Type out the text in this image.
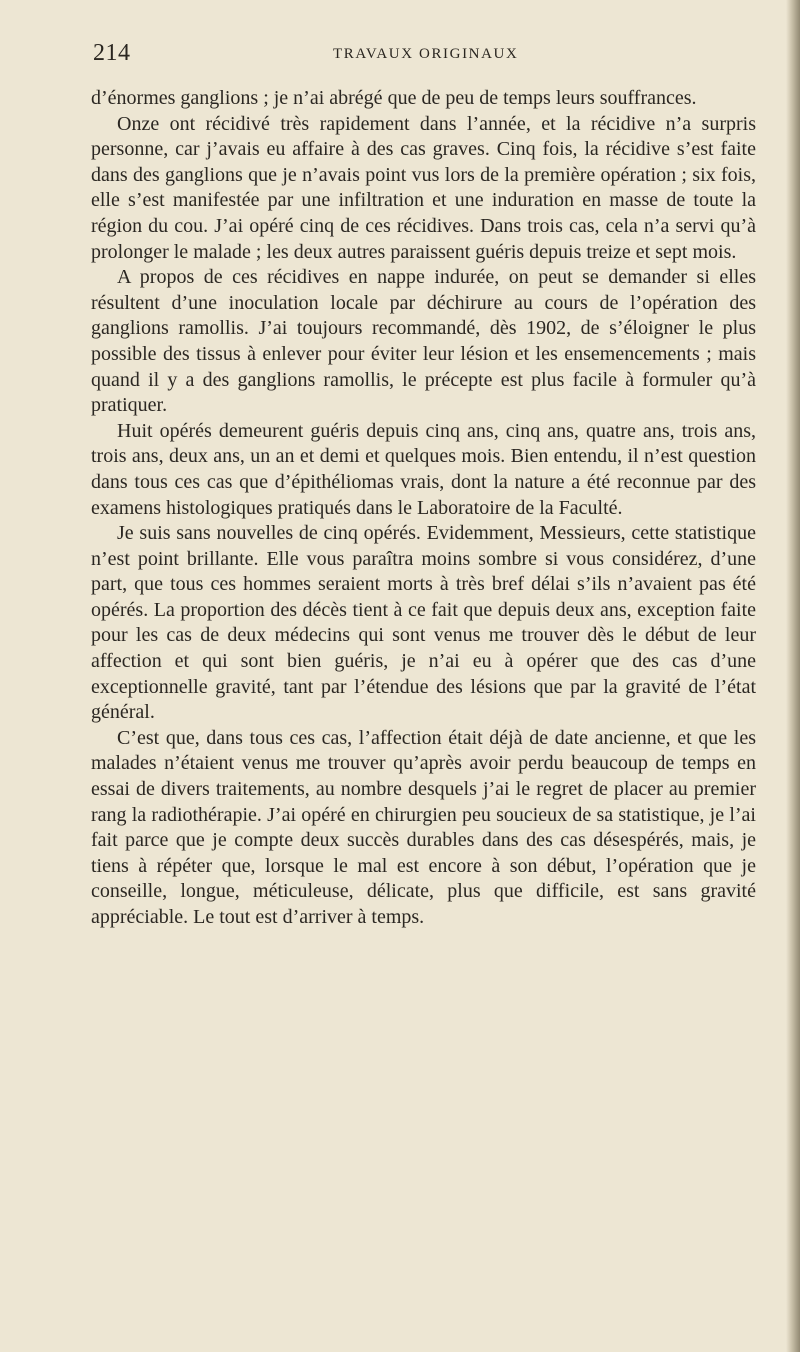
214	TRAVAUX ORIGINAUX

d’énormes ganglions ; je n’ai abrégé que de peu de temps leurs souffrances.

Onze ont récidivé très rapidement dans l’année, et la récidive n’a surpris personne, car j’avais eu affaire à des cas graves. Cinq fois, la récidive s’est faite dans des ganglions que je n’avais point vus lors de la première opération ; six fois, elle s’est manifestée par une infiltration et une induration en masse de toute la région du cou. J’ai opéré cinq de ces récidives. Dans trois cas, cela n’a servi qu’à prolonger le malade ; les deux autres paraissent guéris depuis treize et sept mois.

A propos de ces récidives en nappe indurée, on peut se demander si elles résultent d’une inoculation locale par déchirure au cours de l’opération des ganglions ramollis. J’ai toujours recommandé, dès 1902, de s’éloigner le plus possible des tissus à enlever pour éviter leur lésion et les ensemencements ; mais quand il y a des ganglions ramollis, le précepte est plus facile à formuler qu’à pratiquer.

Huit opérés demeurent guéris depuis cinq ans, cinq ans, quatre ans, trois ans, trois ans, deux ans, un an et demi et quelques mois. Bien entendu, il n’est question dans tous ces cas que d’épithéliomas vrais, dont la nature a été reconnue par des examens histologiques pratiqués dans le Laboratoire de la Faculté.

Je suis sans nouvelles de cinq opérés. Evidemment, Messieurs, cette statistique n’est point brillante. Elle vous paraîtra moins sombre si vous considérez, d’une part, que tous ces hommes seraient morts à très bref délai s’ils n’avaient pas été opérés. La proportion des décès tient à ce fait que depuis deux ans, exception faite pour les cas de deux médecins qui sont venus me trouver dès le début de leur affection et qui sont bien guéris, je n’ai eu à opérer que des cas d’une exceptionnelle gravité, tant par l’étendue des lésions que par la gravité de l’état général.

C’est que, dans tous ces cas, l’affection était déjà de date ancienne, et que les malades n’étaient venus me trouver qu’après avoir perdu beaucoup de temps en essai de divers traitements, au nombre desquels j’ai le regret de placer au premier rang la radiothérapie. J’ai opéré en chirurgien peu soucieux de sa statistique, je l’ai fait parce que je compte deux succès durables dans des cas désespérés, mais, je tiens à répéter que, lorsque le mal est encore à son début, l’opération que je conseille, longue, méticuleuse, délicate, plus que difficile, est sans gravité appréciable. Le tout est d’arriver à temps.
